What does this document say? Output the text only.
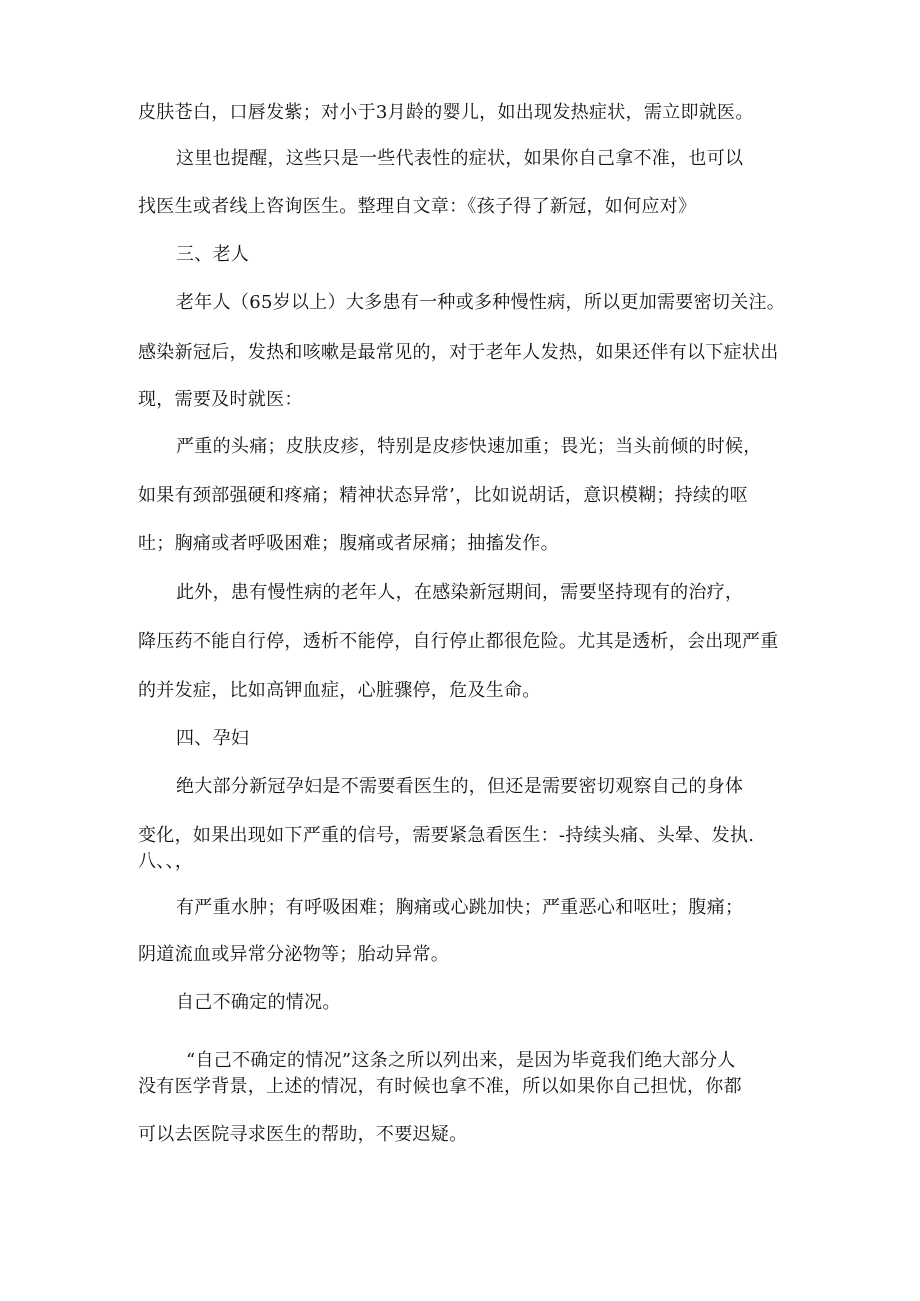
皮肤苍白，口唇发紫；对小于3月龄的婴儿，如出现发热症状，需立即就医。

这里也提醒，这些只是一些代表性的症状，如果你自己拿不准，也可以

找医生或者线上咨询医生。整理自文章：《孩子得了新冠，如何应对》

三、老人

老年人（65岁以上）大多患有一种或多种慢性病，所以更加需要密切关注。

感染新冠后，发热和咳嗽是最常见的，对于老年人发热，如果还伴有以下症状出

现，需要及时就医：

严重的头痛；皮肤皮疹，特别是皮疹快速加重；畏光；当头前倾的时候，

如果有颈部强硬和疼痛；精神状态异常’，比如说胡话，意识模糊；持续的呕

吐；胸痛或者呼吸困难；腹痛或者尿痛；抽搐发作。

此外，患有慢性病的老年人，在感染新冠期间，需要坚持现有的治疗，

降压药不能自行停，透析不能停，自行停止都很危险。尤其是透析，会出现严重

的并发症，比如高钾血症，心脏骤停，危及生命。

四、孕妇

绝大部分新冠孕妇是不需要看医生的，但还是需要密切观察自己的身体

变化，如果出现如下严重的信号，需要紧急看医生：-持续头痛、头晕、发执.

八、、，

有严重水肿；有呼吸困难；胸痛或心跳加快；严重恶心和呕吐；腹痛；

阴道流血或异常分泌物等；胎动异常。

自己不确定的情况。

“自己不确定的情况”这条之所以列出来，是因为毕竟我们绝大部分人

没有医学背景，上述的情况，有时候也拿不准，所以如果你自己担忧，你都

可以去医院寻求医生的帮助，不要迟疑。
